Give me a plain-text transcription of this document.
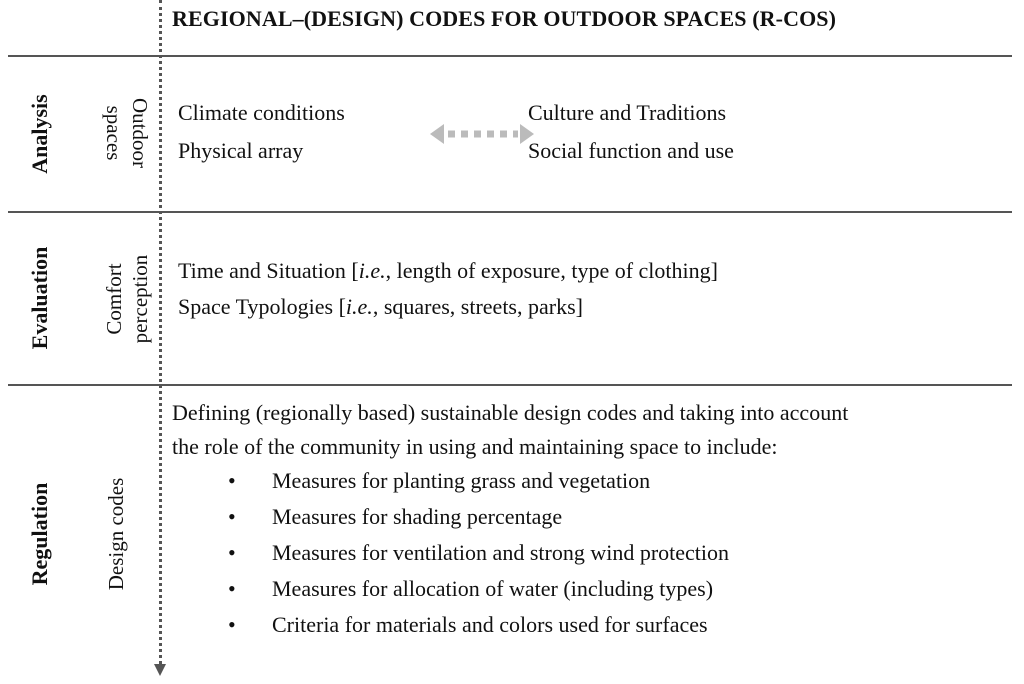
REGIONAL–(DESIGN) CODES FOR OUTDOOR SPACES (R-COS)
Analysis	Outdoor
spaces Climate conditions
Physical array
Culture and Traditions
Social function and use
Evaluation Comfort perception Time and Situation [i.e., length of exposure, type of clothing]
Space Typologies [i.e., squares, streets, parks]
Regulation Design codes
Defining (regionally based) sustainable design codes and taking into account
the role of the community in using and maintaining space to include:
• Measures for planting grass and vegetation
• Measures for shading percentage
• Measures for ventilation and strong wind protection
• Measures for allocation of water (including types)
• Criteria for materials and colors used for surfaces
